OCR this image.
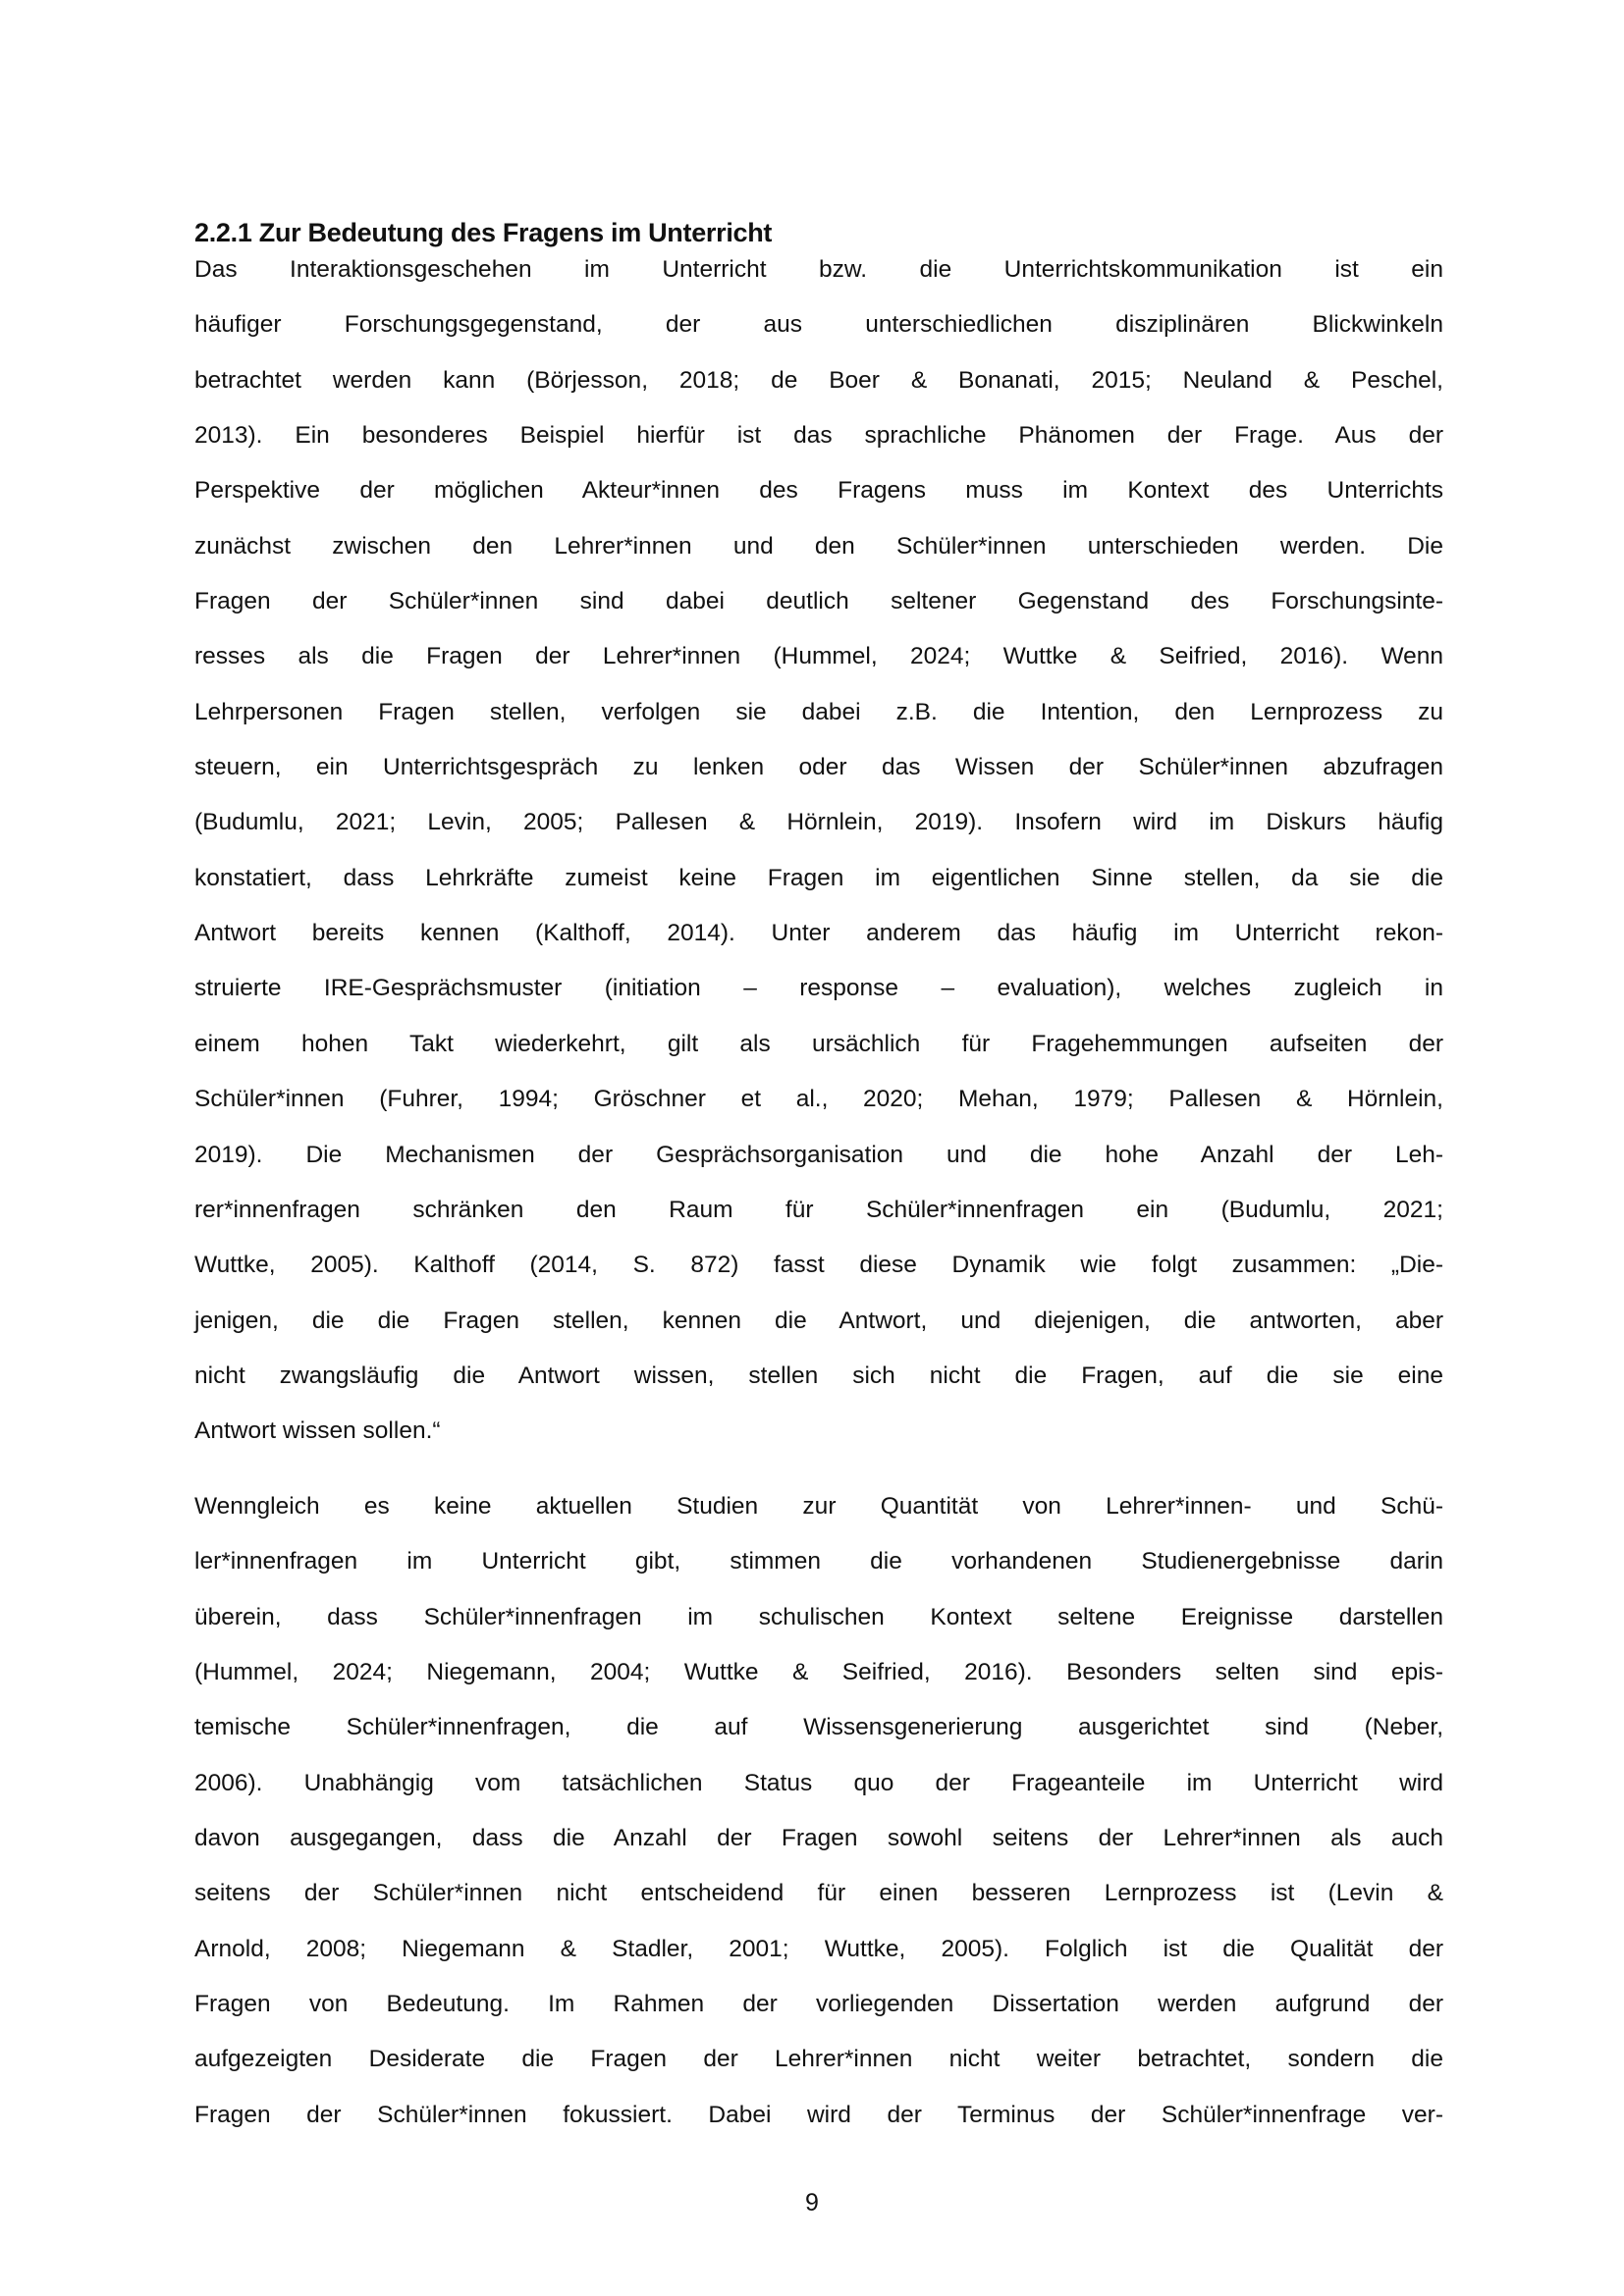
2.2.1 Zur Bedeutung des Fragens im Unterricht
Das Interaktionsgeschehen im Unterricht bzw. die Unterrichtskommunikation ist ein
häufiger Forschungsgegenstand, der aus unterschiedlichen disziplinären Blickwinkeln
betrachtet werden kann (Börjesson, 2018; de Boer & Bonanati, 2015; Neuland & Peschel,
2013). Ein besonderes Beispiel hierfür ist das sprachliche Phänomen der Frage. Aus der
Perspektive der möglichen Akteur*innen des Fragens muss im Kontext des Unterrichts
zunächst zwischen den Lehrer*innen und den Schüler*innen unterschieden werden. Die
Fragen der Schüler*innen sind dabei deutlich seltener Gegenstand des Forschungsinte-
resses als die Fragen der Lehrer*innen (Hummel, 2024; Wuttke & Seifried, 2016). Wenn
Lehrpersonen Fragen stellen, verfolgen sie dabei z.B. die Intention, den Lernprozess zu
steuern, ein Unterrichtsgespräch zu lenken oder das Wissen der Schüler*innen abzufragen
(Budumlu, 2021; Levin, 2005; Pallesen & Hörnlein, 2019). Insofern wird im Diskurs häufig
konstatiert, dass Lehrkräfte zumeist keine Fragen im eigentlichen Sinne stellen, da sie die
Antwort bereits kennen (Kalthoff, 2014). Unter anderem das häufig im Unterricht rekon-
struierte IRE-Gesprächsmuster (initiation – response – evaluation), welches zugleich in
einem hohen Takt wiederkehrt, gilt als ursächlich für Fragehemmungen aufseiten der
Schüler*innen (Fuhrer, 1994; Gröschner et al., 2020; Mehan, 1979; Pallesen & Hörnlein,
2019). Die Mechanismen der Gesprächsorganisation und die hohe Anzahl der Leh-
rer*innenfragen schränken den Raum für Schüler*innenfragen ein (Budumlu, 2021;
Wuttke, 2005). Kalthoff (2014, S. 872) fasst diese Dynamik wie folgt zusammen: „Die-
jenigen, die die Fragen stellen, kennen die Antwort, und diejenigen, die antworten, aber
nicht zwangsläufig die Antwort wissen, stellen sich nicht die Fragen, auf die sie eine
Antwort wissen sollen.“
Wenngleich es keine aktuellen Studien zur Quantität von Lehrer*innen- und Schü-
ler*innenfragen im Unterricht gibt, stimmen die vorhandenen Studienergebnisse darin
überein, dass Schüler*innenfragen im schulischen Kontext seltene Ereignisse darstellen
(Hummel, 2024; Niegemann, 2004; Wuttke & Seifried, 2016). Besonders selten sind epis-
temische Schüler*innenfragen, die auf Wissensgenerierung ausgerichtet sind (Neber,
2006). Unabhängig vom tatsächlichen Status quo der Frageanteile im Unterricht wird
davon ausgegangen, dass die Anzahl der Fragen sowohl seitens der Lehrer*innen als auch
seitens der Schüler*innen nicht entscheidend für einen besseren Lernprozess ist (Levin &
Arnold, 2008; Niegemann & Stadler, 2001; Wuttke, 2005). Folglich ist die Qualität der
Fragen von Bedeutung. Im Rahmen der vorliegenden Dissertation werden aufgrund der
aufgezeigten Desiderate die Fragen der Lehrer*innen nicht weiter betrachtet, sondern die
Fragen der Schüler*innen fokussiert. Dabei wird der Terminus der Schüler*innenfrage ver-
9
